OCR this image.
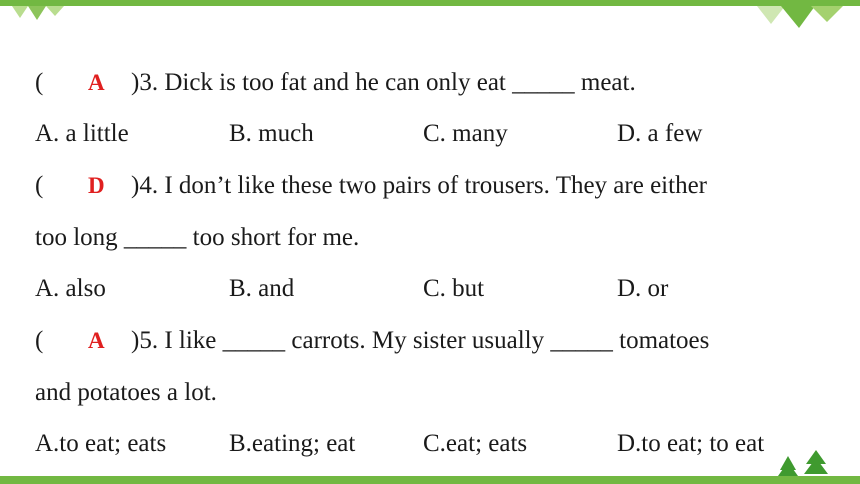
( A )3. Dick is too fat and he can only eat _____ meat.
A. a little	B. much	C. many	D. a few
( D )4. I don’t like these two pairs of trousers. They are either
too long _____ too short for me.
A. also	B. and	C. but	D. or
( A )5. I like _____ carrots. My sister usually _____ tomatoes
and potatoes a lot.
A.to eat; eats	B.eating; eat	C.eat; eats	D.to eat; to eat
